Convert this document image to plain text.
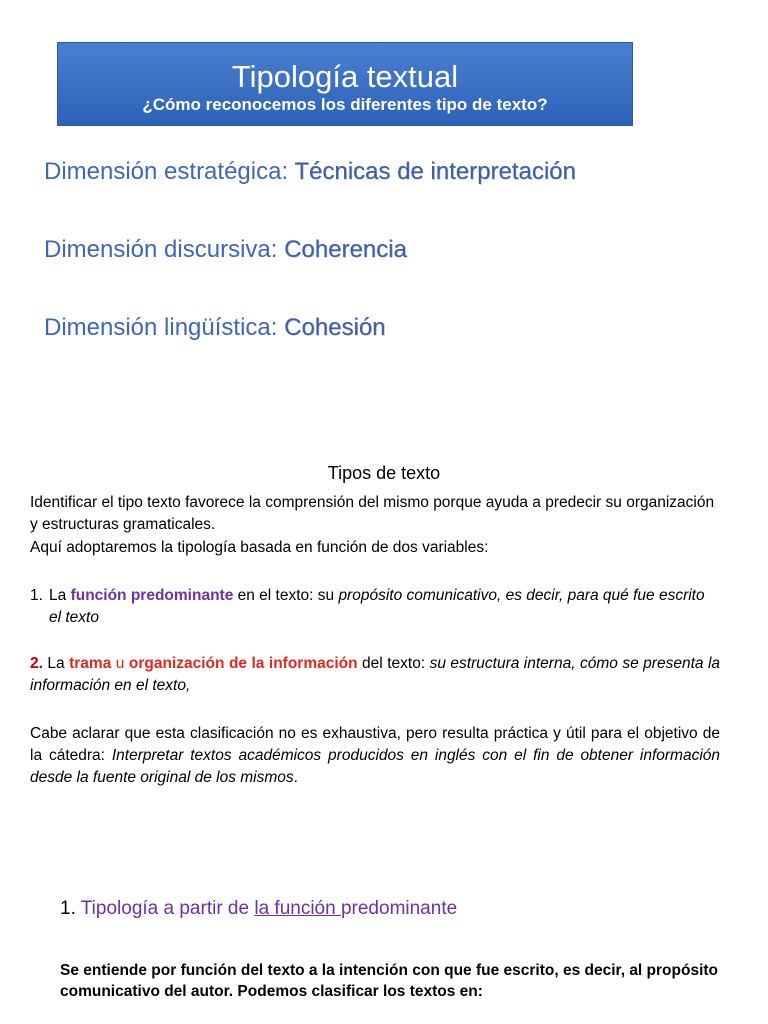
Tipología textual
¿Cómo reconocemos los diferentes tipo de texto?
Dimensión estratégica: Técnicas de interpretación
Dimensión discursiva: Coherencia
Dimensión lingüística: Cohesión
Tipos de texto
Identificar el tipo texto favorece la comprensión del mismo porque ayuda a predecir su organización y estructuras gramaticales.
Aquí adoptaremos la tipología basada en función de dos variables:
1. La función predominante en el texto: su propósito comunicativo, es decir, para qué fue escrito el texto
2. La trama u organización de la información del texto: su estructura interna, cómo se presenta la información en el texto,
Cabe aclarar que esta clasificación no es exhaustiva, pero resulta práctica y útil para el objetivo de la cátedra: Interpretar textos académicos producidos en inglés con el fin de obtener información desde la fuente original de los mismos.
1. Tipología a partir de la función predominante
Se entiende por función del texto a la intención con que fue escrito, es decir, al propósito comunicativo del autor. Podemos clasificar los textos en:
